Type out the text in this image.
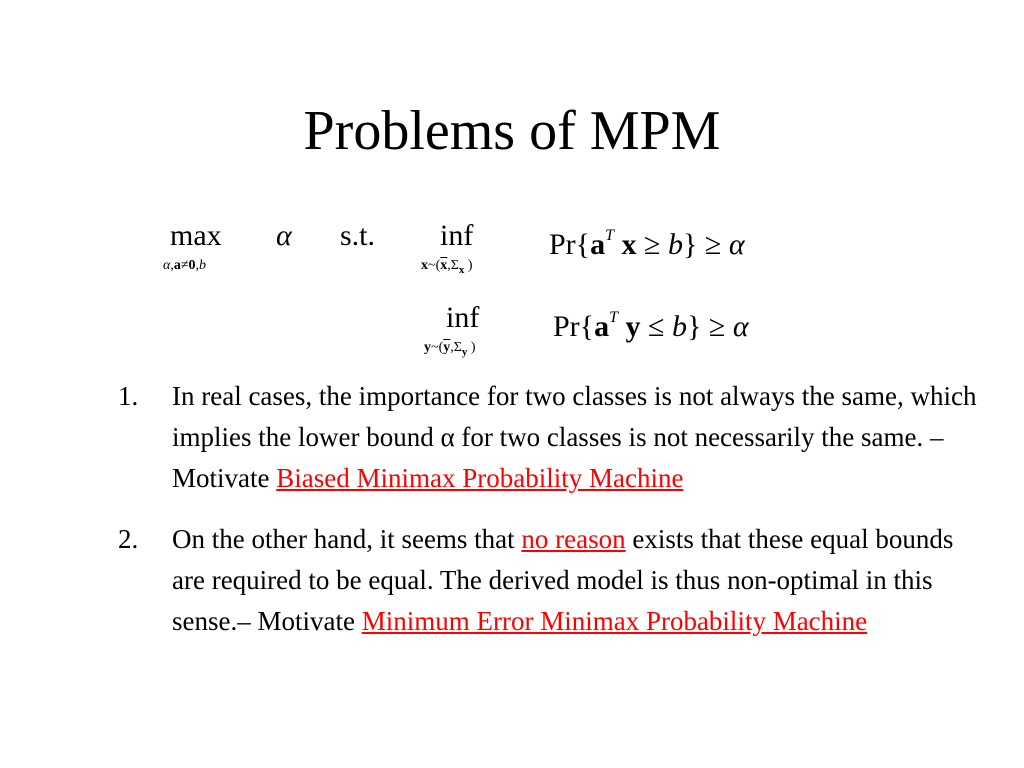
Problems of MPM
max
α,a≠0,b
α s.t. inf
$x\sim(\overline{x},\Sigma_x$ )
$Pr\{a^T$ x ≥ b} ≥ α
inf
$y\sim(\overline{y},\Sigma_y$ )
$Pr\{a^T$ y ≤ b} ≥ α
1. In real cases, the importance for two classes is not always the same, which implies the lower bound α for two classes is not necessarily the same. – Motivate Biased Minimax Probability Machine
2. On the other hand, it seems that no reason exists that these equal bounds are required to be equal. The derived model is thus non-optimal in this sense.– Motivate Minimum Error Minimax Probability Machine
